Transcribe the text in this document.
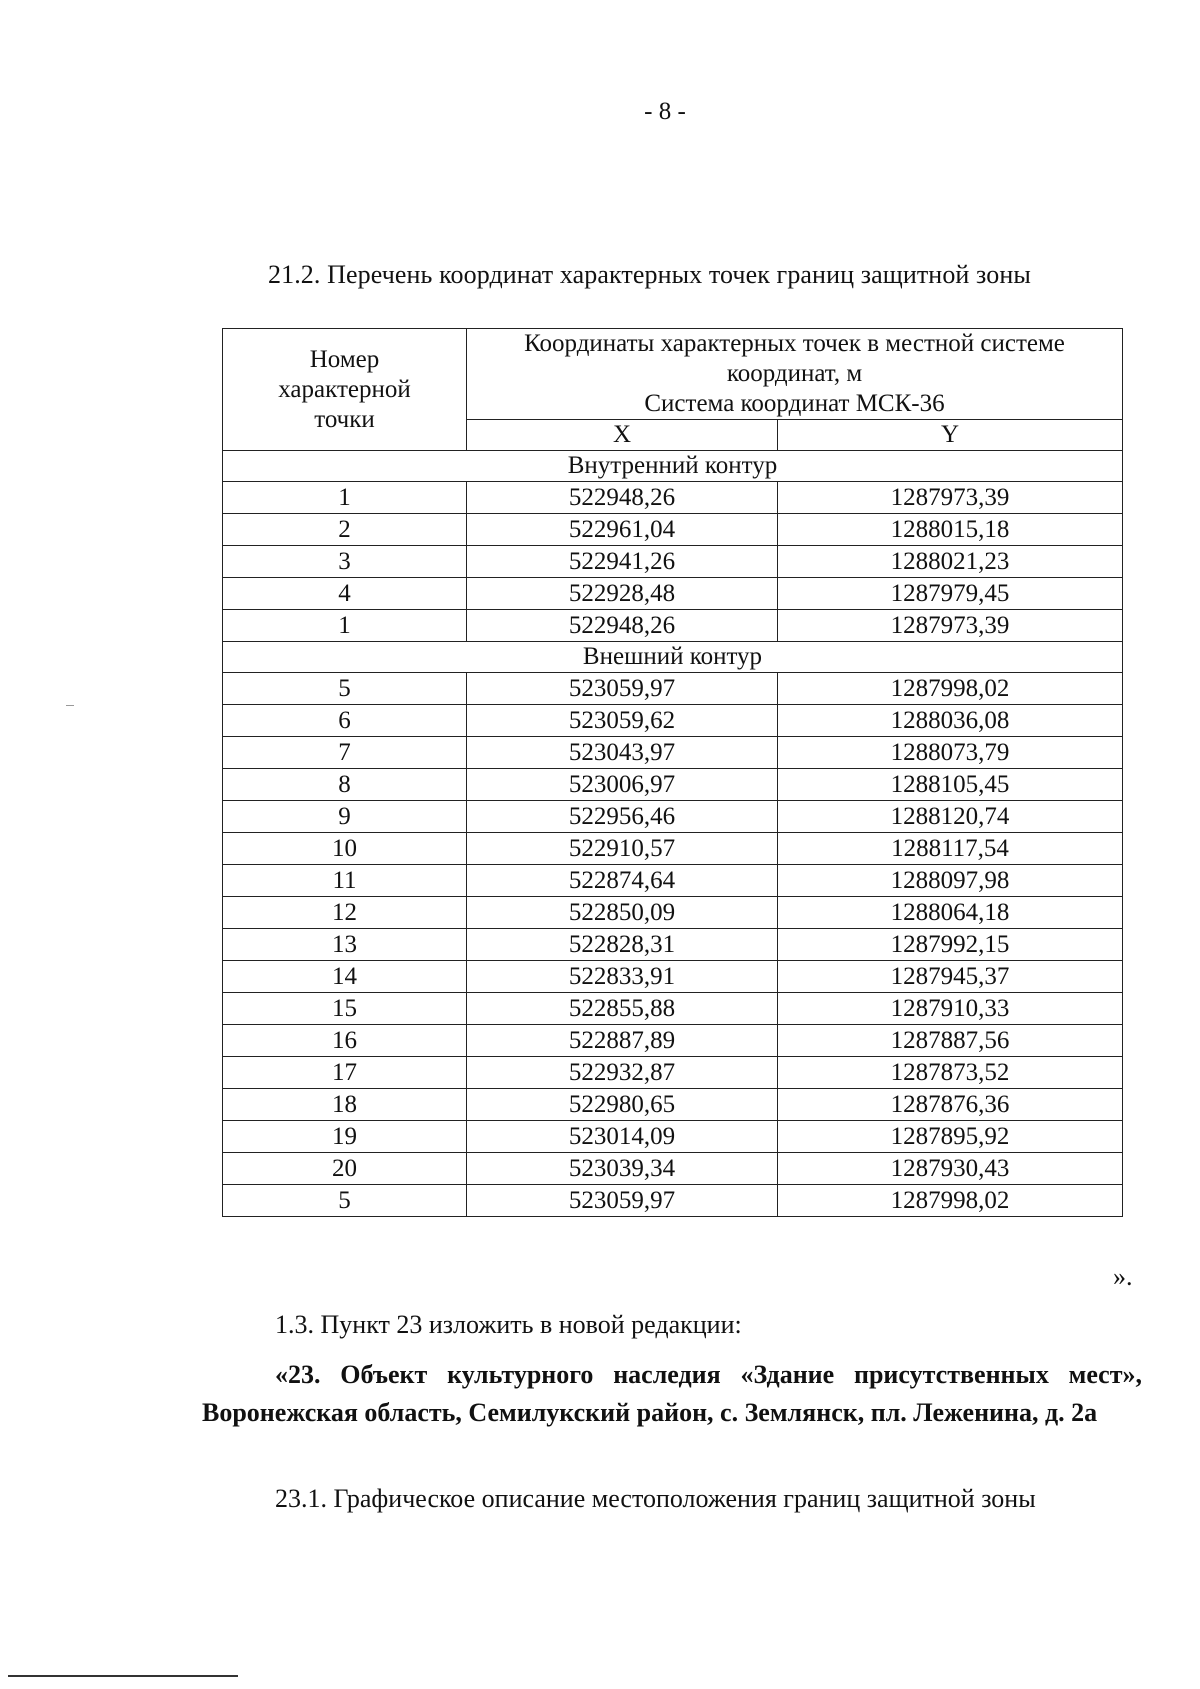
- 8 -
21.2. Перечень координат характерных точек границ защитной зоны
Номер характерной точки	Координаты характерных точек в местной системе
координат, м
Система координат МСК-36	

	X	Y
Внутренний контур		
1	522948,26	1287973,39
2	522961,04	1288015,18
3	522941,26	1288021,23
4	522928,48	1287979,45
1	522948,26	1287973,39
Внешний контур		
5	523059,97	1287998,02
6	523059,62	1288036,08
7	523043,97	1288073,79
8	523006,97	1288105,45
9	522956,46	1288120,74
10	522910,57	1288117,54
11	522874,64	1288097,98
12	522850,09	1288064,18
13	522828,31	1287992,15
14	522833,91	1287945,37
15	522855,88	1287910,33
16	522887,89	1287887,56
17	522932,87	1287873,52
18	522980,65	1287876,36
19	523014,09	1287895,92
20	523039,34	1287930,43
5	523059,97	1287998,02
».
1.3. Пункт 23 изложить в новой редакции:
«23. Объект культурного наследия «Здание присутственных мест», Воронежская область, Семилукский район, с. Землянск, пл. Леженина, д. 2а
23.1. Графическое описание местоположения границ защитной зоны
